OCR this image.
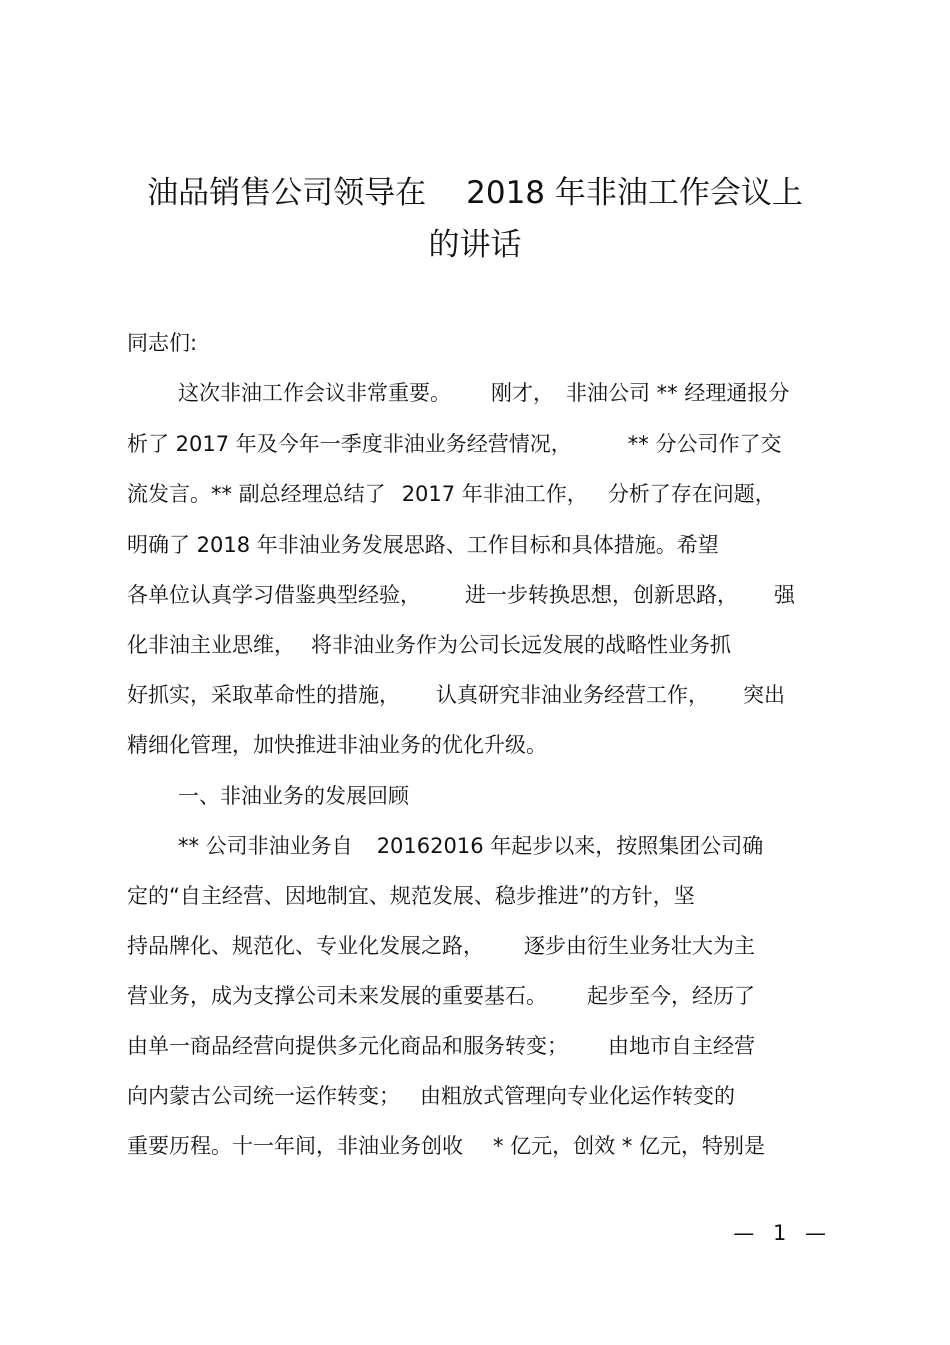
油品销售公司领导在 2018 年非油工作会议上
的讲话
同志们:
这次非油工作会议非常重要。 刚才， 非油公司 ** 经理通报分
析了 2017 年及今年一季度非油业务经营情况，	** 分公司作了交
流发言。** 副总经理总结了 2017 年非油工作， 分析了存在问题，
明确了 2018 年非油业务发展思路、工作目标和具体措施。希望
各单位认真学习借鉴典型经验， 进一步转换思想，创新思路， 强
化非油主业思维， 将非油业务作为公司长远发展的战略性业务抓
好抓实，采取革命性的措施， 认真研究非油业务经营工作， 突出
精细化管理，加快推进非油业务的优化升级。
一、非油业务的发展回顾
** 公司非油业务自 20162016 年起步以来，按照集团公司确
定的“自主经营、因地制宜、规范发展、稳步推进”的方针，坚
持品牌化、规范化、专业化发展之路， 逐步由衍生业务壮大为主
营业务，成为支撑公司未来发展的重要基石。 起步至今，经历了
由单一商品经营向提供多元化商品和服务转变； 由地市自主经营
向内蒙古公司统一运作转变； 由粗放式管理向专业化运作转变的
重要历程。十一年间，非油业务创收 * 亿元，创效 * 亿元，特别是
— 1 —
